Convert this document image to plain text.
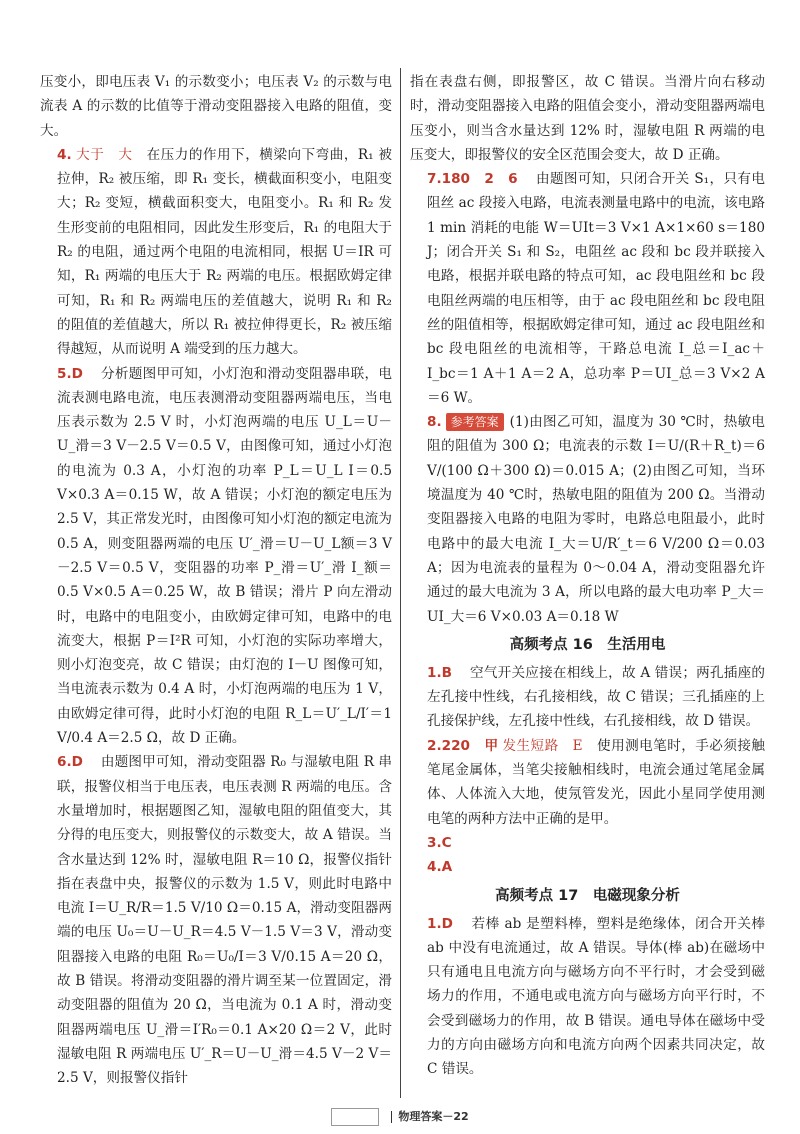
压变小，即电压表 V₁ 的示数变小；电压表 V₂ 的示数与电流表 A 的示数的比值等于滑动变阻器接入电路的阻值，变大。

4. 大于　大　在压力的作用下，横梁向下弯曲，R₁ 被拉伸，R₂ 被压缩，即 R₁ 变长，横截面积变小，电阻变大；R₂ 变短，横截面积变大，电阻变小。R₁ 和 R₂ 发生形变前的电阻相同，因此发生形变后，R₁ 的电阻大于 R₂ 的电阻，通过两个电阻的电流相同，根据 U＝IR 可知，R₁ 两端的电压大于 R₂ 两端的电压。根据欧姆定律可知，R₁ 和 R₂ 两端电压的差值越大，说明 R₁ 和 R₂ 的阻值的差值越大，所以 R₁ 被拉伸得更长，R₂ 被压缩得越短，从而说明 A 端受到的压力越大。

5.D　分析题图甲可知，小灯泡和滑动变阻器串联，电流表测电路电流，电压表测滑动变阻器两端电压，当电压表示数为 2.5 V 时，小灯泡两端的电压 U_L＝U－U_滑＝3 V－2.5 V＝0.5 V，由图像可知，通过小灯泡的电流为 0.3 A，小灯泡的功率 P_L＝U_L I＝0.5 V×0.3 A＝0.15 W，故 A 错误；小灯泡的额定电压为 2.5 V，其正常发光时，由图像可知小灯泡的额定电流为 0.5 A，则变阻器两端的电压 U′_滑＝U－U_L额＝3 V－2.5 V＝0.5 V，变阻器的功率 P_滑＝U′_滑 I_额＝0.5 V×0.5 A＝0.25 W，故 B 错误；滑片 P 向左滑动时，电路中的电阻变小，由欧姆定律可知，电路中的电流变大，根据 P＝I²R 可知，小灯泡的实际功率增大，则小灯泡变亮，故 C 错误；由灯泡的 I－U 图像可知，当电流表示数为 0.4 A 时，小灯泡两端的电压为 1 V，由欧姆定律可得，此时小灯泡的电阻 R_L＝U′_L/I′＝1 V/0.4 A＝2.5 Ω，故 D 正确。

6.D　由题图甲可知，滑动变阻器 R₀ 与湿敏电阻 R 串联，报警仪相当于电压表，电压表测 R 两端的电压。含水量增加时，根据题图乙知，湿敏电阻的阻值变大，其分得的电压变大，则报警仪的示数变大，故 A 错误。当含水量达到 12% 时，湿敏电阻 R＝10 Ω，报警仪指针指在表盘中央，报警仪的示数为 1.5 V，则此时电路中电流 I＝U_R/R＝1.5 V/10 Ω＝0.15 A，滑动变阻器两端的电压 U₀＝U－U_R＝4.5 V－1.5 V＝3 V，滑动变阻器接入电路的电阻 R₀＝U₀/I＝3 V/0.15 A＝20 Ω，故 B 错误。将滑动变阻器的滑片调至某一位置固定，滑动变阻器的阻值为 20 Ω，当电流为 0.1 A 时，滑动变阻器两端电压 U_滑＝I′R₀＝0.1 A×20 Ω＝2 V，此时湿敏电阻 R 两端电压 U′_R＝U－U_滑＝4.5 V－2 V＝2.5 V，则报警仪指针

指在表盘右侧，即报警区，故 C 错误。当滑片向右移动时，滑动变阻器接入电路的阻值会变小，滑动变阻器两端电压变小，则当含水量达到 12% 时，湿敏电阻 R 两端的电压变大，即报警仪的安全区范围会变大，故 D 正确。

7.180　2　6　由题图可知，只闭合开关 S₁，只有电阻丝 ac 段接入电路，电流表测量电路中的电流，该电路 1 min 消耗的电能 W＝UIt＝3 V×1 A×1×60 s＝180 J；闭合开关 S₁ 和 S₂，电阻丝 ac 段和 bc 段并联接入电路，根据并联电路的特点可知，ac 段电阻丝和 bc 段电阻丝两端的电压相等，由于 ac 段电阻丝和 bc 段电阻丝的阻值相等，根据欧姆定律可知，通过 ac 段电阻丝和 bc 段电阻丝的电流相等，干路总电流 I_总＝I_ac＋I_bc＝1 A＋1 A＝2 A，总功率 P＝UI_总＝3 V×2 A＝6 W。

8. 参考答案 (1)由图乙可知，温度为 30 ℃时，热敏电阻的阻值为 300 Ω；电流表的示数 I＝U/(R＋R_t)＝6 V/(100 Ω＋300 Ω)＝0.015 A；(2)由图乙可知，当环境温度为 40 ℃时，热敏电阻的阻值为 200 Ω。当滑动变阻器接入电路的电阻为零时，电路总电阻最小，此时电路中的最大电流 I_大＝U/R′_t＝6 V/200 Ω＝0.03 A；因为电流表的量程为 0～0.04 A，滑动变阻器允许通过的最大电流为 3 A，所以电路的最大电功率 P_大＝UI_大＝6 V×0.03 A＝0.18 W

高频考点 16　生活用电

1.B　空气开关应接在相线上，故 A 错误；两孔插座的左孔接中性线，右孔接相线，故 C 错误；三孔插座的上孔接保护线，左孔接中性线，右孔接相线，故 D 错误。

2.220　甲 发生短路　E　使用测电笔时，手必须接触笔尾金属体，当笔尖接触相线时，电流会通过笔尾金属体、人体流入大地，使氖管发光，因此小星同学使用测电笔的两种方法中正确的是甲。

3.C

4.A

高频考点 17　电磁现象分析

1.D　若棒 ab 是塑料棒，塑料是绝缘体，闭合开关棒 ab 中没有电流通过，故 A 错误。导体(棒 ab)在磁场中只有通电且电流方向与磁场方向不平行时，才会受到磁场力的作用，不通电或电流方向与磁场方向平行时，不会受到磁场力的作用，故 B 错误。通电导体在磁场中受力的方向由磁场方向和电流方向两个因素共同决定，故 C 错误。

物理答案－22
